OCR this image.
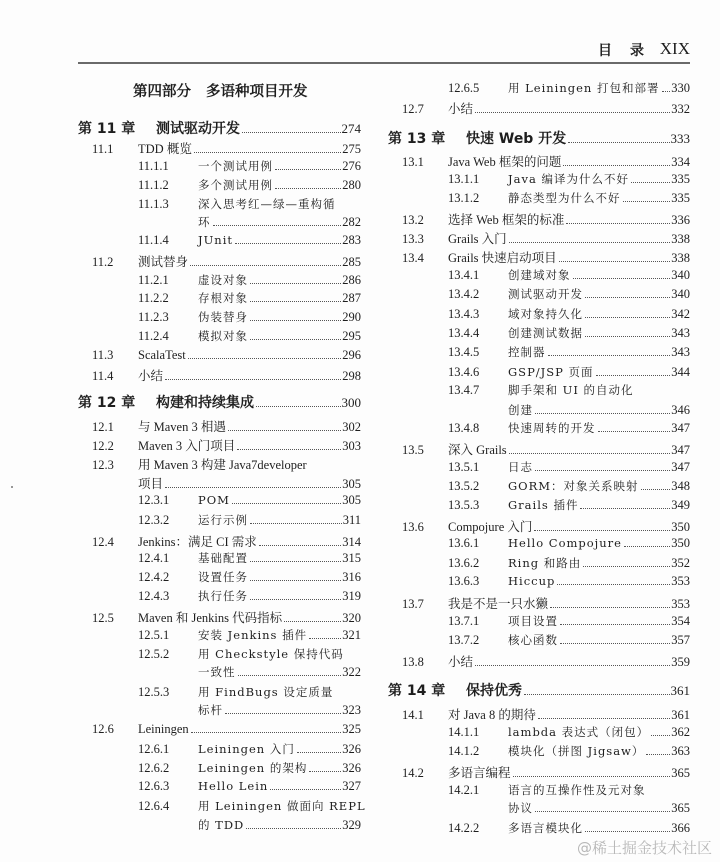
目录
XIX
第四部分 多语种项目开发
第 11 章	测试驱动开发	274
11.1	TDD 概览	275
11.1.1	一个测试用例	276
11.1.2	多个测试用例	280
11.1.3	深入思考红—绿—重构循
环	282
11.1.4	JUnit	283
11.2	测试替身	285
11.2.1	虚设对象	286
11.2.2	存根对象	287
11.2.3	伪装替身	290
11.2.4	模拟对象	295
11.3	ScalaTest	296
11.4	小结	298
第 12 章	构建和持续集成	300
12.1	与 Maven 3 相遇	302
12.2	Maven 3 入门项目	303
12.3	用 Maven 3 构建 Java7developer
项目	305
12.3.1	POM	305
12.3.2	运行示例	311
12.4	Jenkins：满足 CI 需求	314
12.4.1	基础配置	315
12.4.2	设置任务	316
12.4.3	执行任务	319
12.5	Maven 和 Jenkins 代码指标	320
12.5.1	安装 Jenkins 插件	321
12.5.2	用 Checkstyle 保持代码
一致性	322
12.5.3	用 FindBugs 设定质量
标杆	323
12.6	Leiningen	325
12.6.1	Leiningen 入门	326
12.6.2	Leiningen 的架构	326
12.6.3	Hello Lein	327
12.6.4	用 Leiningen 做面向 REPL
的 TDD	329
12.6.5	用 Leiningen 打包和部署 330
12.7	小结	332
第 13 章	快速 Web 开发	333
13.1	Java Web 框架的问题	334
13.1.1	Java 编译为什么不好	335
13.1.2	静态类型为什么不好	335
13.2	选择 Web 框架的标准	336
13.3	Grails 入门	338
13.4	Grails 快速启动项目	338
13.4.1	创建域对象	340
13.4.2	测试驱动开发	340
13.4.3	域对象持久化	342
13.4.4	创建测试数据	343
13.4.5	控制器	343
13.4.6	GSP/JSP 页面	344
13.4.7	脚手架和 UI 的自动化
创建	346
13.4.8	快速周转的开发	347
13.5	深入 Grails	347
13.5.1	日志	347
13.5.2	GORM：对象关系映射	348
13.5.3	Grails 插件	349
13.6	Compojure 入门	350
13.6.1	Hello Compojure	350
13.6.2	Ring 和路由	352
13.6.3	Hiccup	353
13.7	我是不是一只水獭	353
13.7.1	项目设置	354
13.7.2	核心函数	357
13.8	小结	359
第 14 章	保持优秀	361
14.1	对 Java 8 的期待	361
14.1.1	lambda 表达式（闭包） 362
14.1.2	模块化（拼图 Jigsaw） 363
14.2	多语言编程	365
14.2.1	语言的互操作性及元对象
协议	365
14.2.2	多语言模块化	366
@稀土掘金技术社区
